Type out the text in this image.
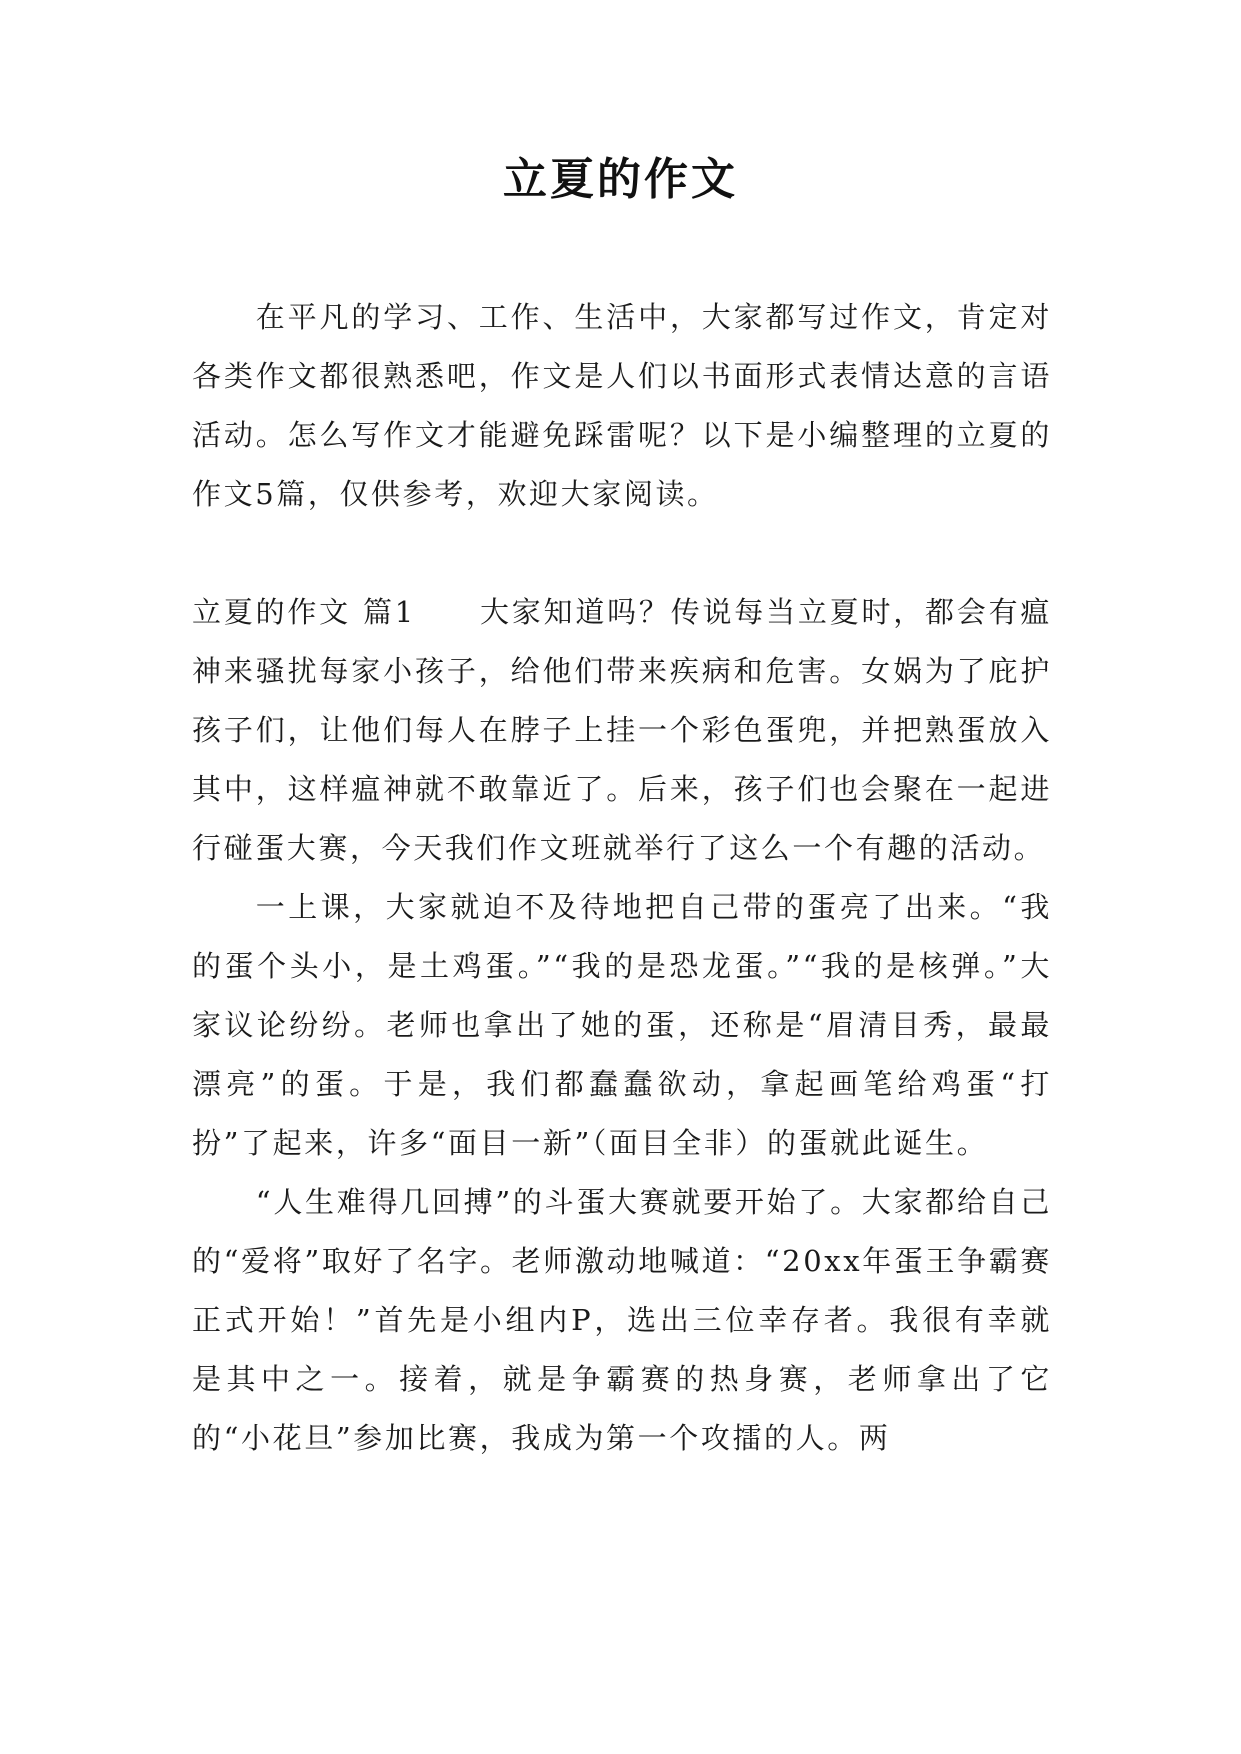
立夏的作文

在平凡的学习、工作、生活中，大家都写过作文，肯定对各类作文都很熟悉吧，作文是人们以书面形式表情达意的言语活动。怎么写作文才能避免踩雷呢？以下是小编整理的立夏的作文5篇，仅供参考，欢迎大家阅读。

立夏的作文 篇1 大家知道吗？传说每当立夏时，都会有瘟神来骚扰每家小孩子，给他们带来疾病和危害。女娲为了庇护孩子们，让他们每人在脖子上挂一个彩色蛋兜，并把熟蛋放入其中，这样瘟神就不敢靠近了。后来，孩子们也会聚在一起进行碰蛋大赛，今天我们作文班就举行了这么一个有趣的活动。

一上课，大家就迫不及待地把自己带的蛋亮了出来。“我的蛋个头小，是土鸡蛋。”“我的是恐龙蛋。”“我的是核弹。”大家议论纷纷。老师也拿出了她的蛋，还称是“眉清目秀，最最漂亮”的蛋。于是，我们都蠢蠢欲动，拿起画笔给鸡蛋“打扮”了起来，许多“面目一新”（面目全非）的蛋就此诞生。

“人生难得几回搏”的斗蛋大赛就要开始了。大家都给自己的“爱将”取好了名字。老师激动地喊道：“20xx年蛋王争霸赛正式开始！”首先是小组内P，选出三位幸存者。我很有幸就是其中之一。接着，就是争霸赛的热身赛，老师拿出了它的“小花旦”参加比赛，我成为第一个攻擂的人。两
